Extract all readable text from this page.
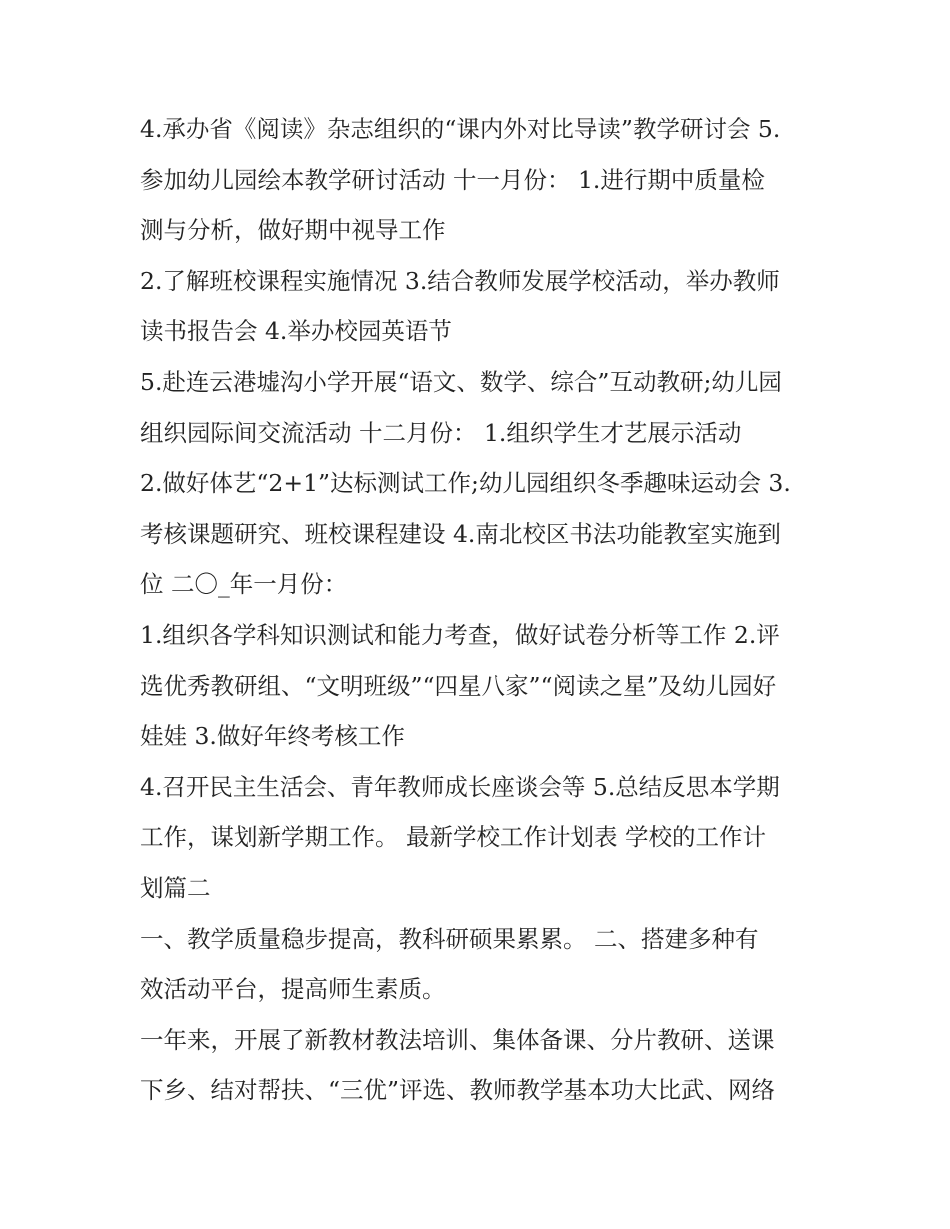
4.承办省《阅读》杂志组织的“课内外对比导读”教学研讨会 5.
参加幼儿园绘本教学研讨活动 十一月份： 1.进行期中质量检
测与分析，做好期中视导工作
2.了解班校课程实施情况 3.结合教师发展学校活动，举办教师
读书报告会 4.举办校园英语节
5.赴连云港墟沟小学开展“语文、数学、综合”互动教研;幼儿园
组织园际间交流活动 十二月份： 1.组织学生才艺展示活动
2.做好体艺“2+1”达标测试工作;幼儿园组织冬季趣味运动会 3.
考核课题研究、班校课程建设 4.南北校区书法功能教室实施到
位 二〇_年一月份：
1.组织各学科知识测试和能力考查，做好试卷分析等工作 2.评
选优秀教研组、“文明班级”“四星八家”“阅读之星”及幼儿园好
娃娃 3.做好年终考核工作
4.召开民主生活会、青年教师成长座谈会等 5.总结反思本学期
工作，谋划新学期工作。 最新学校工作计划表 学校的工作计
划篇二
一、教学质量稳步提高，教科研硕果累累。 二、搭建多种有
效活动平台，提高师生素质。
一年来，开展了新教材教法培训、集体备课、分片教研、送课
下乡、结对帮扶、“三优”评选、教师教学基本功大比武、网络
